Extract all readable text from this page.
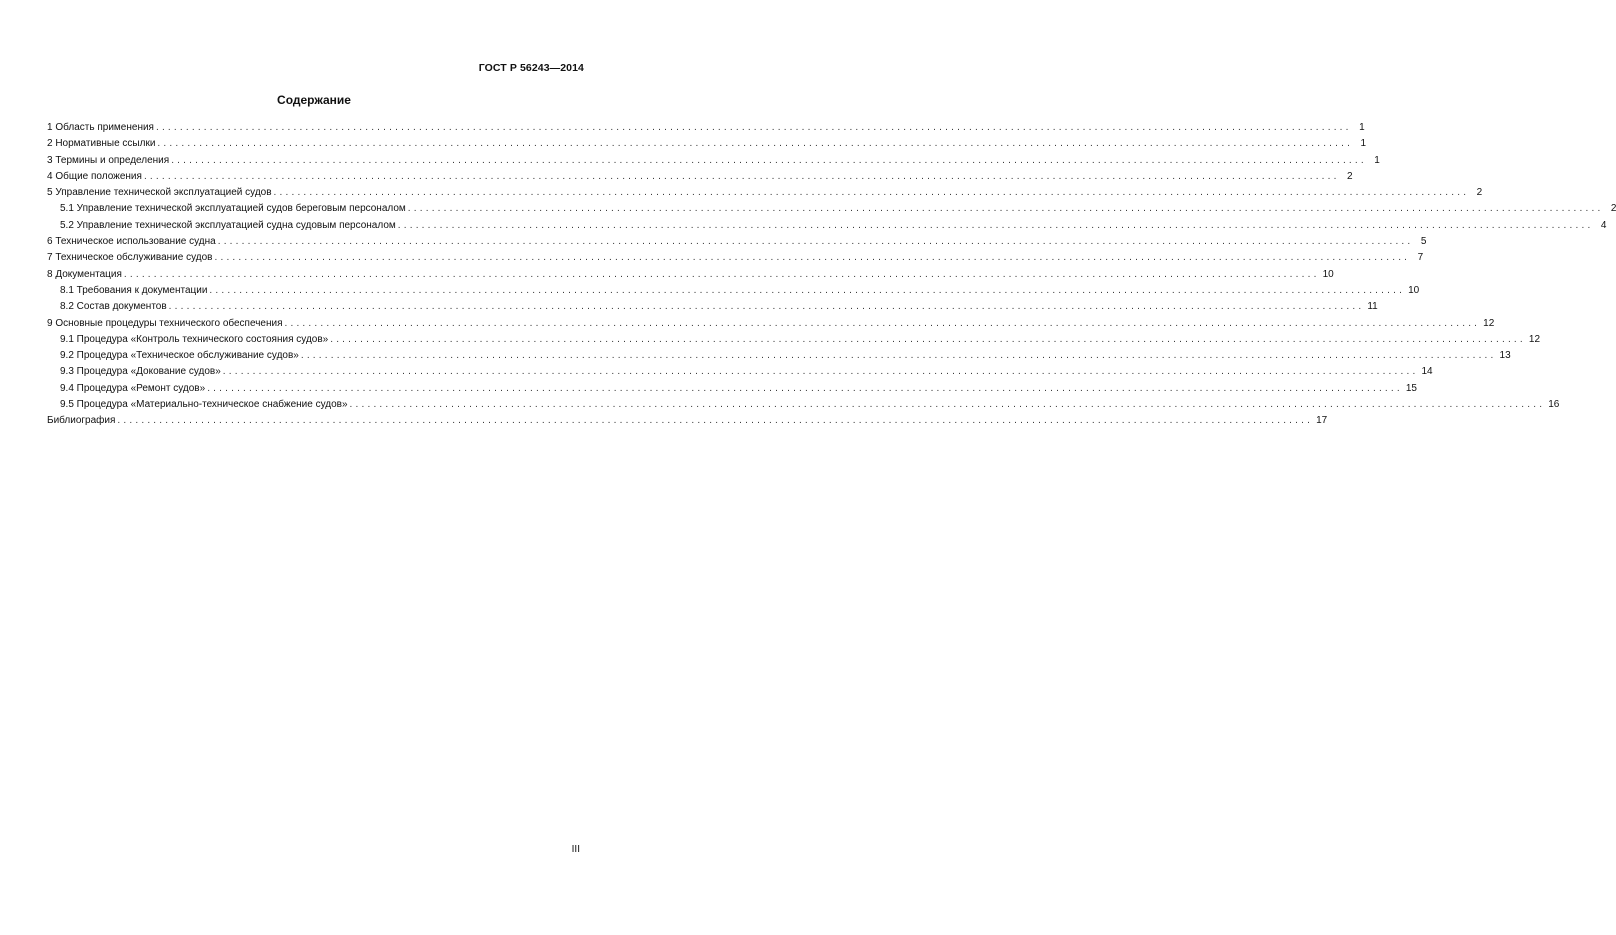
ГОСТ Р 56243—2014
Содержание
1 Область применения ........................................................................................................................................................................................................ 1
2 Нормативные ссылки ........................................................................................................................................................................................................ 1
3 Термины и определения ........................................................................................................................................................................................................ 1
4 Общие положения ........................................................................................................................................................................................................ 2
5 Управление технической эксплуатацией судов ........................................................................................................................................................................................................ 2
5.1 Управление технической эксплуатацией судов береговым персоналом ........................................................................................................................................................................................................ 2
5.2 Управление технической эксплуатацией судна судовым персоналом ........................................................................................................................................................................................................ 4
6 Техническое использование судна ........................................................................................................................................................................................................ 5
7 Техническое обслуживание судов ........................................................................................................................................................................................................ 7
8 Документация ........................................................................................................................................................................................................ 10
8.1 Требования к документации ........................................................................................................................................................................................................ 10
8.2 Состав документов ........................................................................................................................................................................................................ 11
9 Основные процедуры технического обеспечения ........................................................................................................................................................................................................ 12
9.1 Процедура «Контроль технического состояния судов» ........................................................................................................................................................................................................ 12
9.2 Процедура «Техническое обслуживание судов» ........................................................................................................................................................................................................ 13
9.3 Процедура «Докование судов» ........................................................................................................................................................................................................ 14
9.4 Процедура «Ремонт судов» ........................................................................................................................................................................................................ 15
9.5 Процедура «Материально-техническое снабжение судов» ........................................................................................................................................................................................................ 16
Библиография ........................................................................................................................................................................................................ 17
III
